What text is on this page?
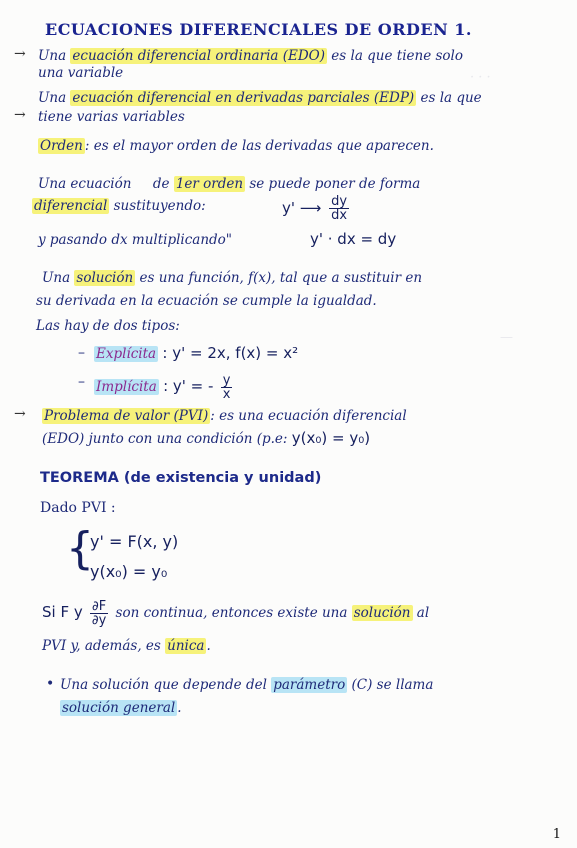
· · ·
—
ECUACIONES DIFERENCIALES DE ORDEN 1.
→ Una ecuación diferencial ordinaria (EDO) es la que tiene solo
una variable
Una ecuación diferencial en derivadas parciales (EDP) es la que
→ tiene varias variables
Orden : es el mayor orden de las derivadas que aparecen.
Una ecuación de 1er orden se puede poner de forma
diferencial sustituyendo:	y' ⟶ $\frac{dy}{dx}$
y pasando dx multiplicando"	y' · dx = dy
Una solución es una función, f(x), tal que a sustituir en
su derivada en la ecuación se cumple la igualdad.
Las hay de dos tipos:
– Explícita : y' = 2x, f(x) = x²
– Implícita : y' = - $\frac{y}{x}$
→ Problema de valor (PVI) : es una ecuación diferencial
(EDO) junto con una condición (p.e: y(x₀) = y₀)
TEOREMA (de existencia y unidad)
Dado PVI :
{
y' = F(x, y)
y(x₀) = y₀
Si F y $\frac{\partial F}{\partial y}$ son continua, entonces existe una solución al
PVI y, además, es única .
• Una solución que depende del parámetro (C) se llama
solución general .
1
